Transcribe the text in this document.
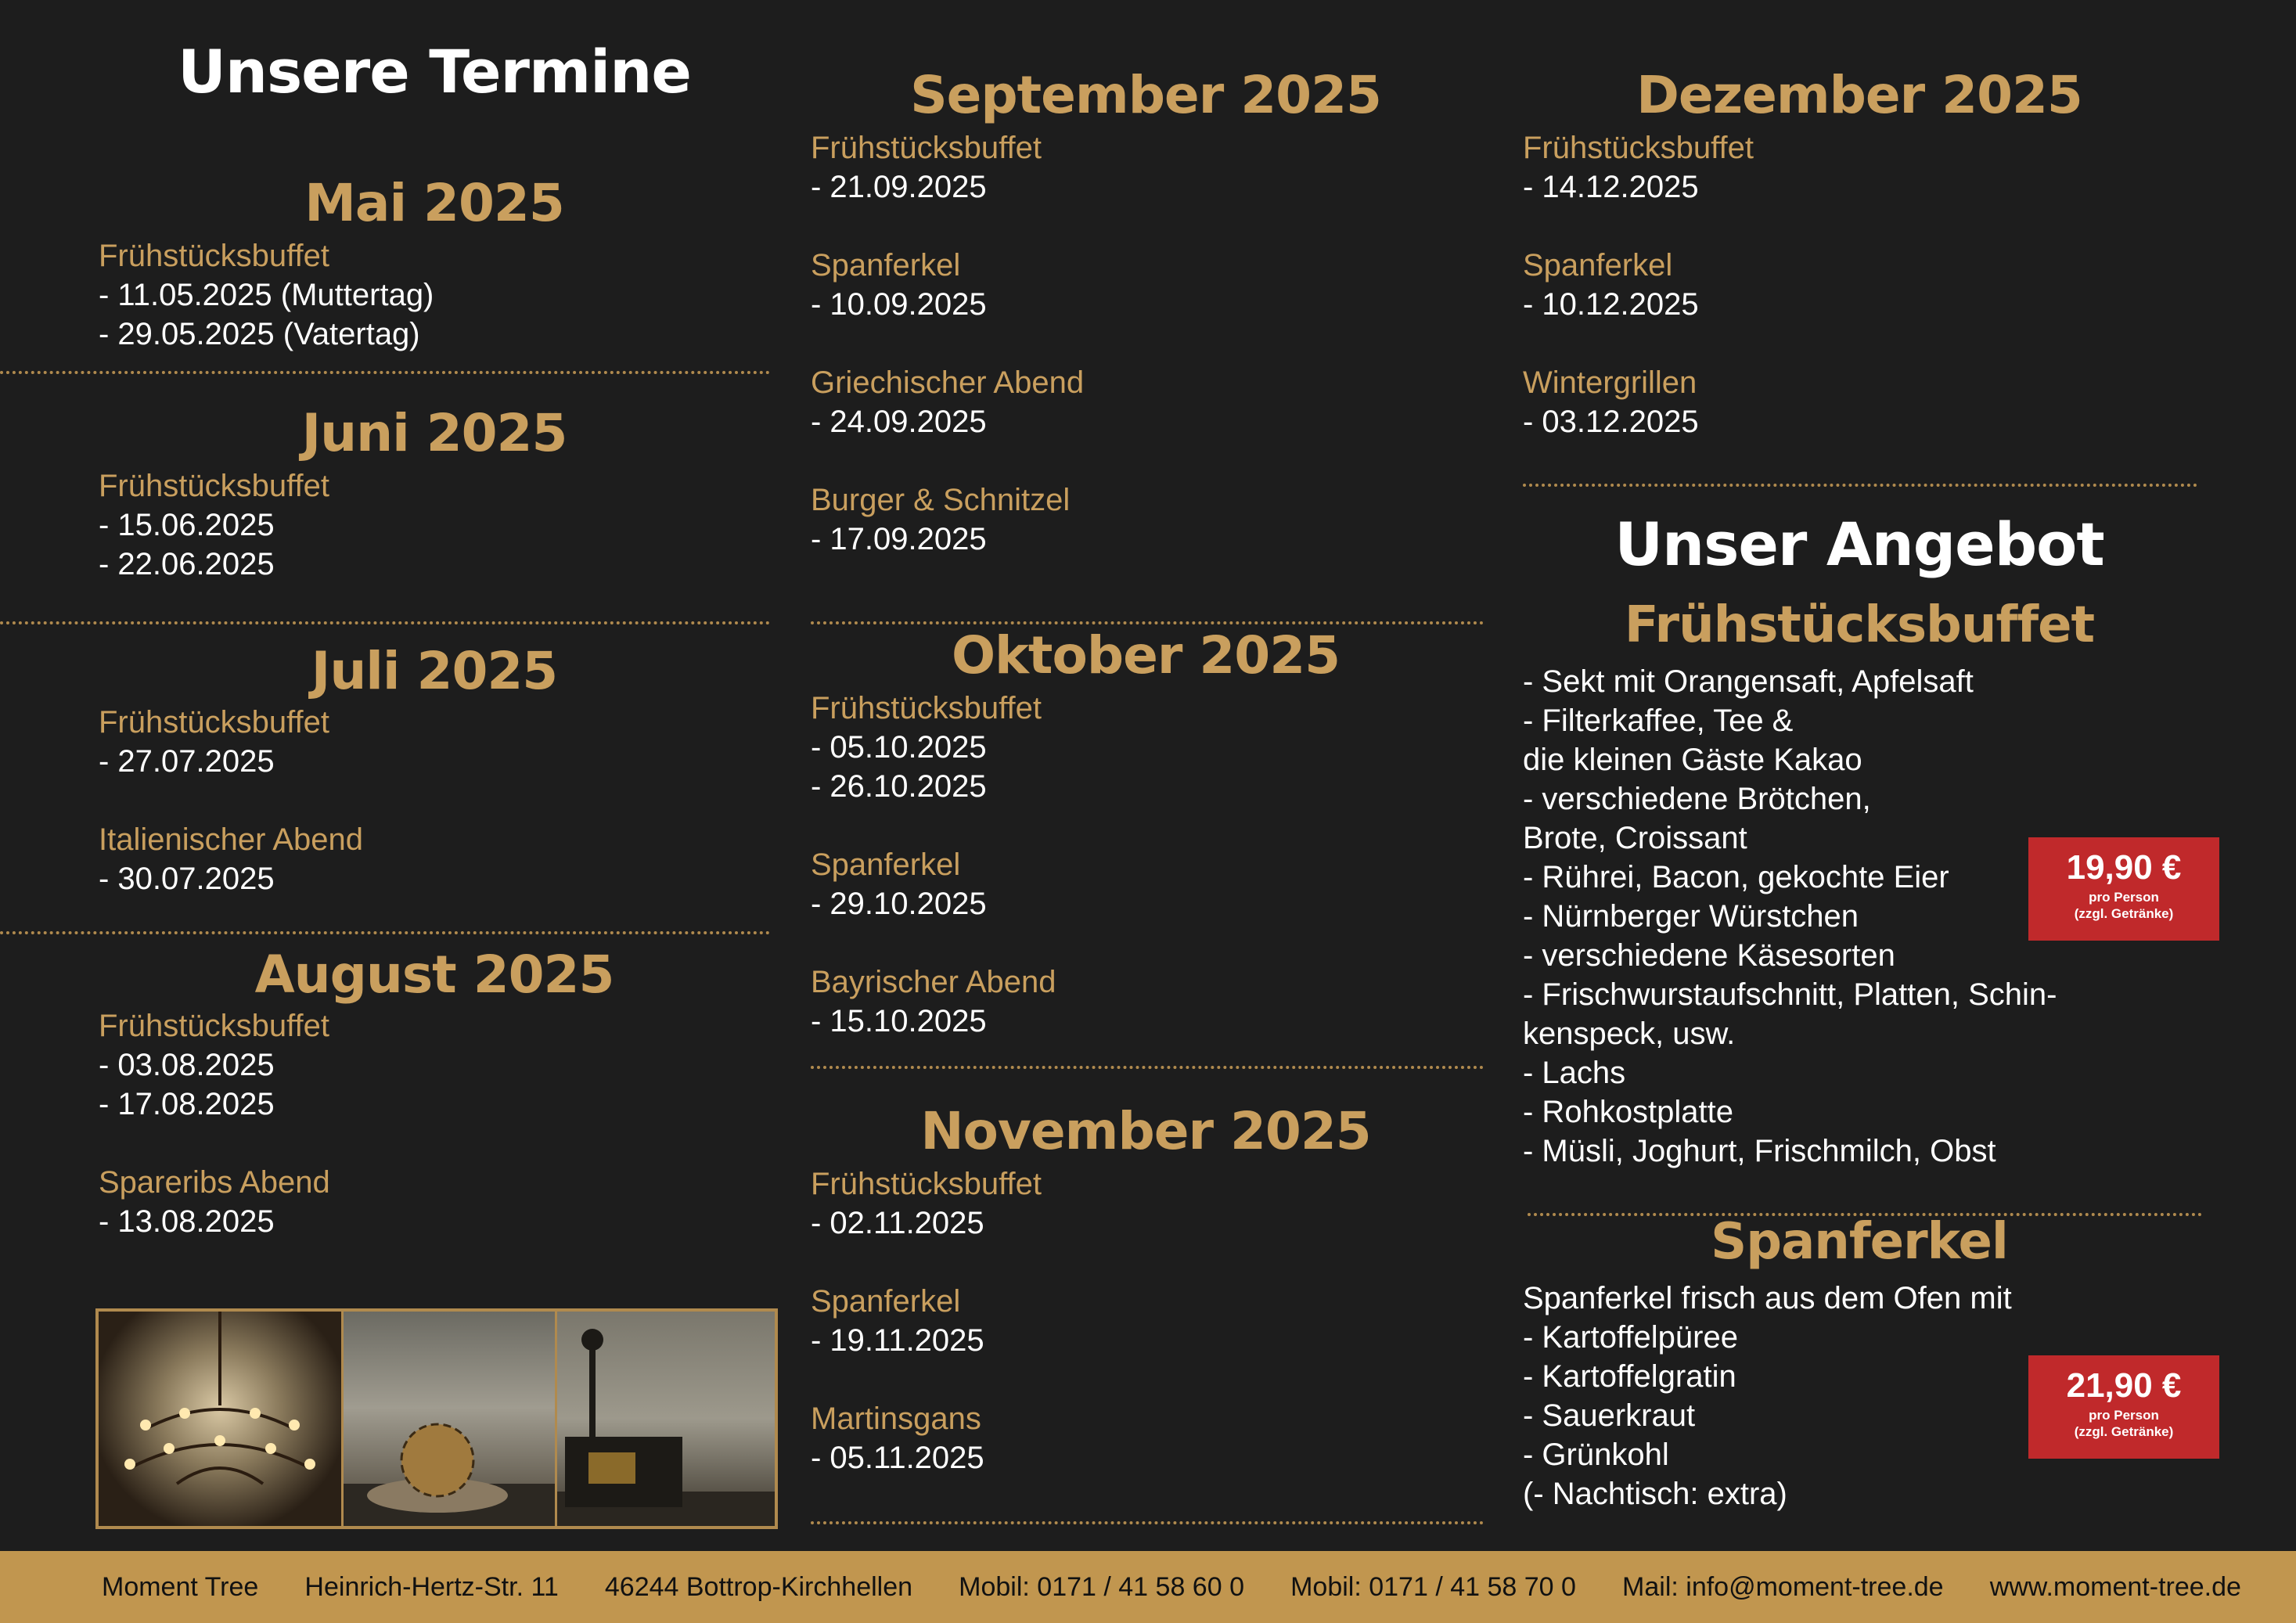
Unsere Termine
Mai 2025
Frühstücksbuffet
- 11.05.2025 (Muttertag)
- 29.05.2025 (Vatertag)
Juni 2025
Frühstücksbuffet
- 15.06.2025
- 22.06.2025
Juli 2025
Frühstücksbuffet
- 27.07.2025
Italienischer Abend
- 30.07.2025
August 2025
Frühstücksbuffet
- 03.08.2025
- 17.08.2025
Spareribs Abend
- 13.08.2025
September 2025
Frühstücksbuffet
- 21.09.2025
Spanferkel
- 10.09.2025
Griechischer Abend
- 24.09.2025
Burger & Schnitzel
- 17.09.2025
Oktober 2025
Frühstücksbuffet
- 05.10.2025
- 26.10.2025
Spanferkel
- 29.10.2025
Bayrischer Abend
- 15.10.2025
November 2025
Frühstücksbuffet
- 02.11.2025
Spanferkel
- 19.11.2025
Martinsgans
- 05.11.2025
Dezember 2025
Frühstücksbuffet
- 14.12.2025
Spanferkel
- 10.12.2025
Wintergrillen
- 03.12.2025
Unser Angebot
Frühstücksbuffet
- Sekt mit Orangensaft, Apfelsaft
- Filterkaffee, Tee &
die kleinen Gäste Kakao
- verschiedene Brötchen,
Brote, Croissant
- Rührei, Bacon, gekochte Eier
- Nürnberger Würstchen
- verschiedene Käsesorten
- Frischwurstaufschnitt, Platten, Schin-
kenspeck, usw.
- Lachs
- Rohkostplatte
- Müsli, Joghurt, Frischmilch, Obst
19,90 €
pro Person
(zzgl. Getränke)
Spanferkel
Spanferkel frisch aus dem Ofen mit
- Kartoffelpüree
- Kartoffelgratin
- Sauerkraut
- Grünkohl
(- Nachtisch: extra)
21,90 €
pro Person
(zzgl. Getränke)
Moment Tree Heinrich-Hertz-Str. 11 46244 Bottrop-Kirchhellen Mobil: 0171 / 41 58 60 0 Mobil: 0171 / 41 58 70 0 Mail: info@moment-tree.de www.moment-tree.de
